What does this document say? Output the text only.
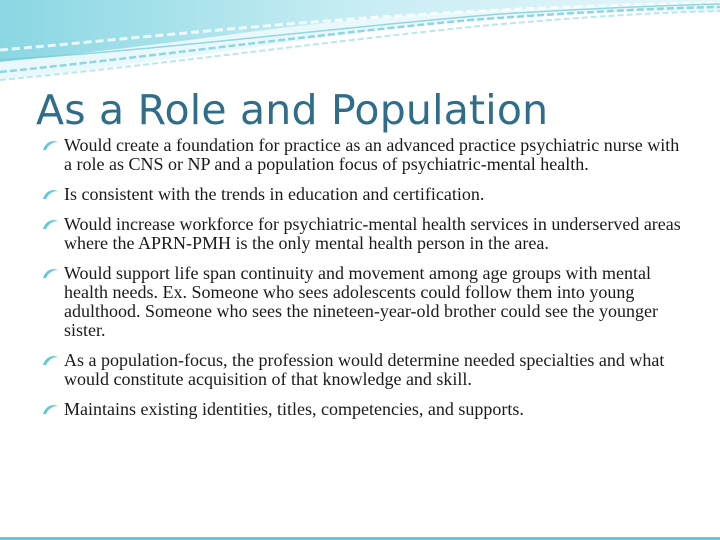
As a Role and Population
Would create a foundation for practice as an advanced practice psychiatric nurse with a role as CNS or NP and a population focus of psychiatric-mental health.
Is consistent with the trends in education and certification.
Would increase workforce for psychiatric-mental health services in underserved areas where the APRN-PMH is the only mental health person in the area.
Would support life span continuity and movement among age groups with mental health needs. Ex. Someone who sees adolescents could follow them into young adulthood. Someone who sees the nineteen-year-old brother could see the younger sister.
As a population-focus, the profession would determine needed specialties and what would constitute acquisition of that knowledge and skill.
Maintains existing identities, titles, competencies, and supports.
